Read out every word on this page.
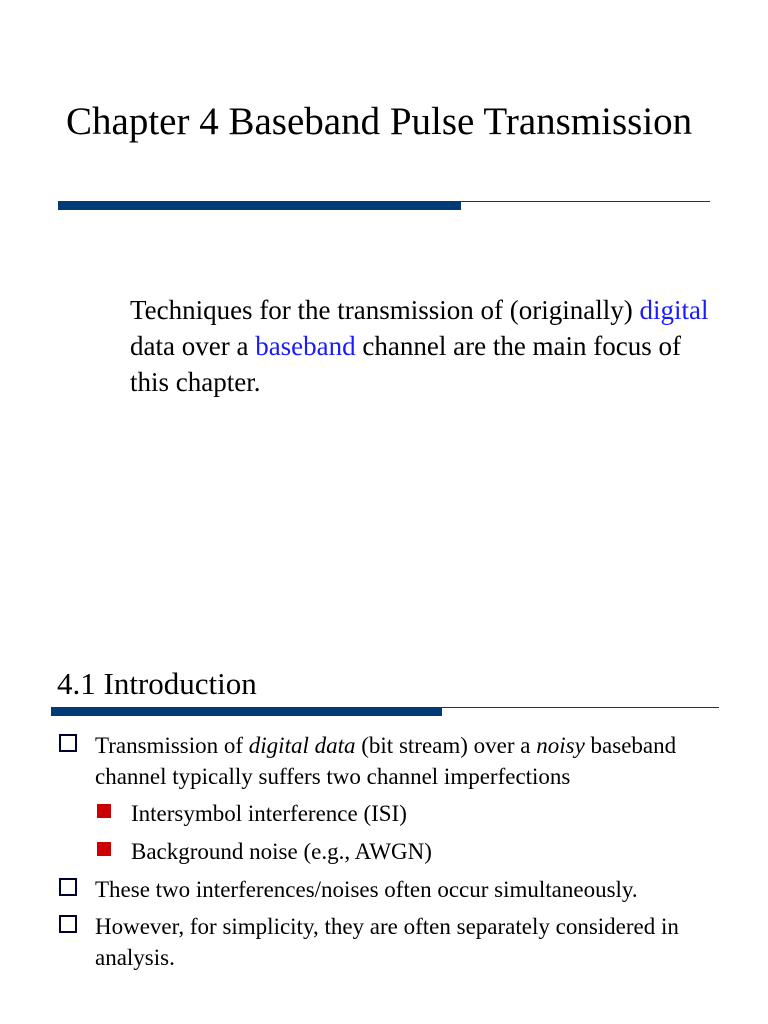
Chapter 4 Baseband Pulse Transmission

Techniques for the transmission of (originally) digital data over a baseband channel are the main focus of this chapter.

4.1 Introduction
Transmission of digital data (bit stream) over a noisy baseband channel typically suffers two channel imperfections
Intersymbol interference (ISI)
Background noise (e.g., AWGN)
These two interferences/noises often occur simultaneously.
However, for simplicity, they are often separately considered in analysis.
